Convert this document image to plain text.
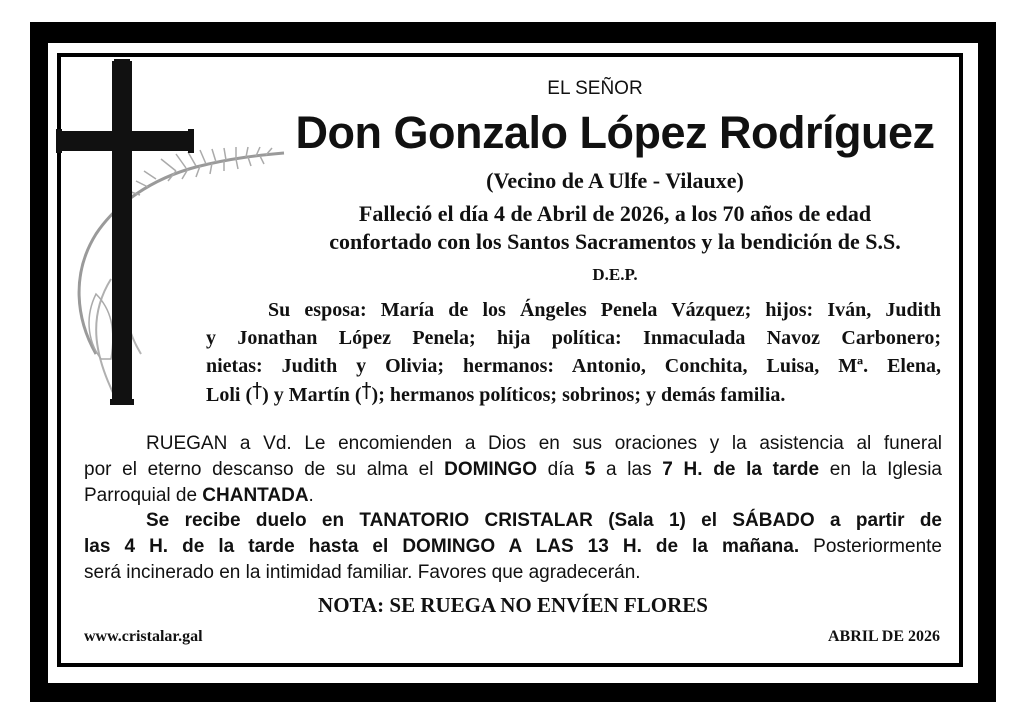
EL SEÑOR
Don Gonzalo López Rodríguez
(Vecino de A Ulfe - Vilauxe)
Falleció el día 4 de Abril de 2026, a los 70 años de edad
confortado con los Santos Sacramentos y la bendición de S.S.
D.E.P.
Su esposa: María de los Ángeles Penela Vázquez; hijos: Iván, Judith
y Jonathan López Penela; hija política: Inmaculada Navoz Carbonero;
nietas: Judith y Olivia; hermanos: Antonio, Conchita, Luisa, Mª. Elena,
Loli (†) y Martín (†); hermanos políticos; sobrinos; y demás familia.
RUEGAN a Vd. Le encomienden a Dios en sus oraciones y la asistencia al funeral
por el eterno descanso de su alma el DOMINGO día 5 a las 7 H. de la tarde en la Iglesia
Parroquial de CHANTADA.
Se recibe duelo en TANATORIO CRISTALAR (Sala 1) el SÁBADO a partir de
las 4 H. de la tarde hasta el DOMINGO A LAS 13 H. de la mañana. Posteriormente
será incinerado en la intimidad familiar. Favores que agradecerán.
NOTA: SE RUEGA NO ENVÍEN FLORES
www.cristalar.gal	ABRIL DE 2026
